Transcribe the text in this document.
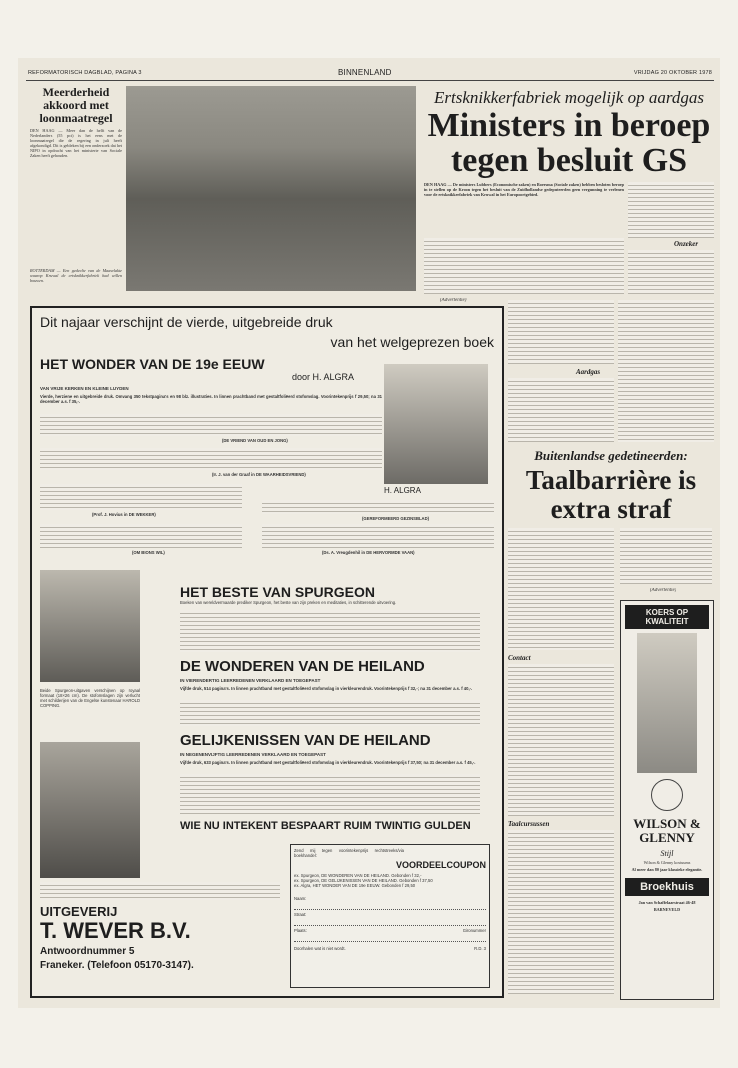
REFORMATORISCH DAGBLAD, PAGINA 3	BINNENLAND	VRIJDAG 20 OKTOBER 1978
Meerderheid akkoord met loonmaatregel
DEN HAAG — Meer dan de helft van de Nederlanders (55 pct) is het eens met de loonmaatregel die de regering in juli heeft afgekondigd. Dit is gebleken bij een onderzoek dat het NIPO in opdracht van het ministerie van Sociale Zaken heeft gehouden.
ROTTERDAM — Een gedeelte van de Maasvlakte waarop Kruwal de ertsknikkerfabriek had willen bouwen.
Ertsknikkerfabriek mogelijk op aardgas
Ministers in beroep tegen besluit GS
DEN HAAG — De ministers Lubbers (Economische zaken) en Boersma (Sociale zaken) hebben besloten beroep in te stellen op de Kroon tegen het besluit van de Zuidhollandse gedeputeerden geen vergunning te verlenen voor de ertsknikkerfabriek van Kruwal in het Europoortgebied.
Onzeker
(Advertentie)
Aardgas
Buitenlandse gedetineerden:
Taalbarrière is extra straf
Contact
Taalcursussen
(Advertentie)
KOERS OP KWALITEIT
WILSON & GLENNY
Stijl
Wilson & Glenny kostuums
Al meer dan 80 jaar klassieke elegantie.
Broekhuis
Jan van Schaffelaarstraat 46-48
BARNEVELD
Dit najaar verschijnt de vierde, uitgebreide druk
van het welgeprezen boek
HET WONDER VAN DE 19e EEUW
door H. ALGRA
VAN VRIJE KERKEN EN KLEINE LUYDEN
Vierde, herziene en uitgebreide druk. Omvang 350 tekstpagina's en 98 blz. illustraties. In linnen prachtband met gestaltfoliëerd stofomslag. Voorintekenprijs f 29,50; na 31 december a.s. f 35,-.
(DE VRIEND VAN OUD EN JONG)
(Ir. J. van der Graaf in DE WAARHEIDSVRIEND)
H. ALGRA
(Prof. J. Hovius in DE WEKKER)
(GEREFORMEERD GEZINSBLAD)
(OM BIONS WIL)	(Ds. A. Vreugdenhil in DE HERVORMDE VAAN)
HET BESTE VAN SPURGEON
Boeken van wereldvermaarde prediker Spurgeon, het beste van zijn preken en meditaties, in schitterende uitvoering.
DE WONDEREN VAN DE HEILAND
IN VIERENDERTIG LEERREDENEN VERKLAARD EN TOEGEPAST
Vijfde druk, 514 pagina's. In linnen prachtband met gestaltfoliëerd stofomslag in vierkleurendruk. Voorintekenprijs f 32,-; na 31 december a.s. f 40,-.
Beide Spurgeon-uitgaven verschijnen op royaal formaat (18×26 cm). De stofomslagen zijn verlucht met schilderijen van de Engelse kunstenaar HAROLD COPPING.
GELIJKENISSEN VAN DE HEILAND
IN NEGENENVIJFTIG LEERREDENEN VERKLAARD EN TOEGEPAST
Vijfde druk, 633 pagina's. In linnen prachtband met gestaltfoliëerd stofomslag in vierkleurendruk. Voorintekenprijs f 37,50; na 31 december a.s. f 45,-.
WIE NU INTEKENT BESPAART RUIM TWINTIG GULDEN
UITGEVERIJ
T. WEVER B.V.
Antwoordnummer 5
Franeker. (Telefoon 05170-3147).
Zend mij tegen voorintekenprijs rechtstreeks/via boekhandel:
VOORDEELCOUPON
ex. Spurgeon, DE WONDEREN VAN DE HEILAND. Gebonden f 32,-
ex. Spurgeon, DE GELIJKENISSEN VAN DE HEILAND. Gebonden f 37,50
ex. Algra, HET WONDER VAN DE 19e EEUW. Gebonden f 29,50
Naam:
Straat:
Plaats:	Gironummer
Doorhalen wat is niet wordt.	R.D. 3
